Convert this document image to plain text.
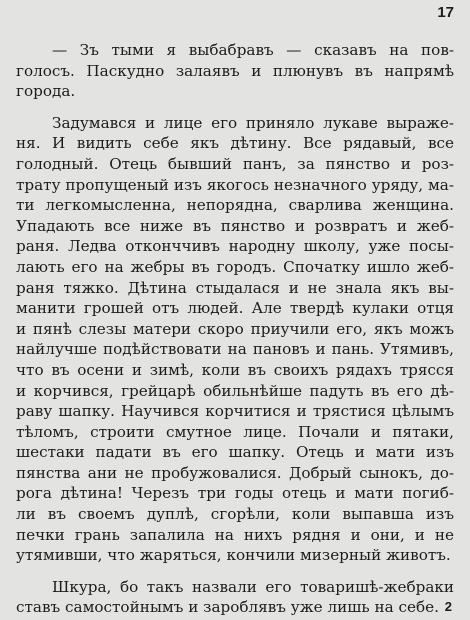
17
— Зъ тыми я выбабравъ — сказавъ на пов-
голосъ. Паскудно залаявъ и плюнувъ въ напрямѣ
города.
Задумався и лице его приняло лукаве выраже-
ня. И видить себе якъ дѣтину. Все рядавый, все
голодный. Отець бывший панъ, за пянство и роз-
трату пропущеный изъ якогось незначного уряду, ма-
ти легкомысленна, непорядна, сварлива женщина.
Упадають все ниже въ пянство и розвратъ и жеб-
раня. Ледва отконччивъ народну школу, уже посы-
лають его на жебры въ городъ. Спочатку ишло жеб-
раня тяжко. Дѣтина стыдалася и не знала якъ вы-
манити грошей отъ людей. Але твердѣ кулаки отця
и пянѣ слезы матери скоро приучили его, якъ можъ
найлучше подѣйствовати на пановъ и пань. Утямивъ,
что въ осени и зимѣ, коли въ своихъ рядахъ трясся
и корчився, грейцарѣ обильнѣйше падуть въ его дѣ-
раву шапку. Научився корчитися и трястися цѣлымъ
тѣломъ, строити смутное лице. Почали и пятаки,
шестаки падати въ его шапку. Отець и мати изъ
пянства ани не пробужовалися. Добрый сынокъ, до-
рога дѣтина! Черезъ три годы отець и мати погиб-
ли въ своемъ дуплѣ, сгорѣли, коли выпавша изъ
печки грань запалила на нихъ рядня и они, и не
утямивши, что жаряться, кончили мизерный животъ.
Шкура, бо такъ назвали его товаришѣ-жебраки
ставъ самостойнымъ и зароблявъ уже лишь на себе. 2
